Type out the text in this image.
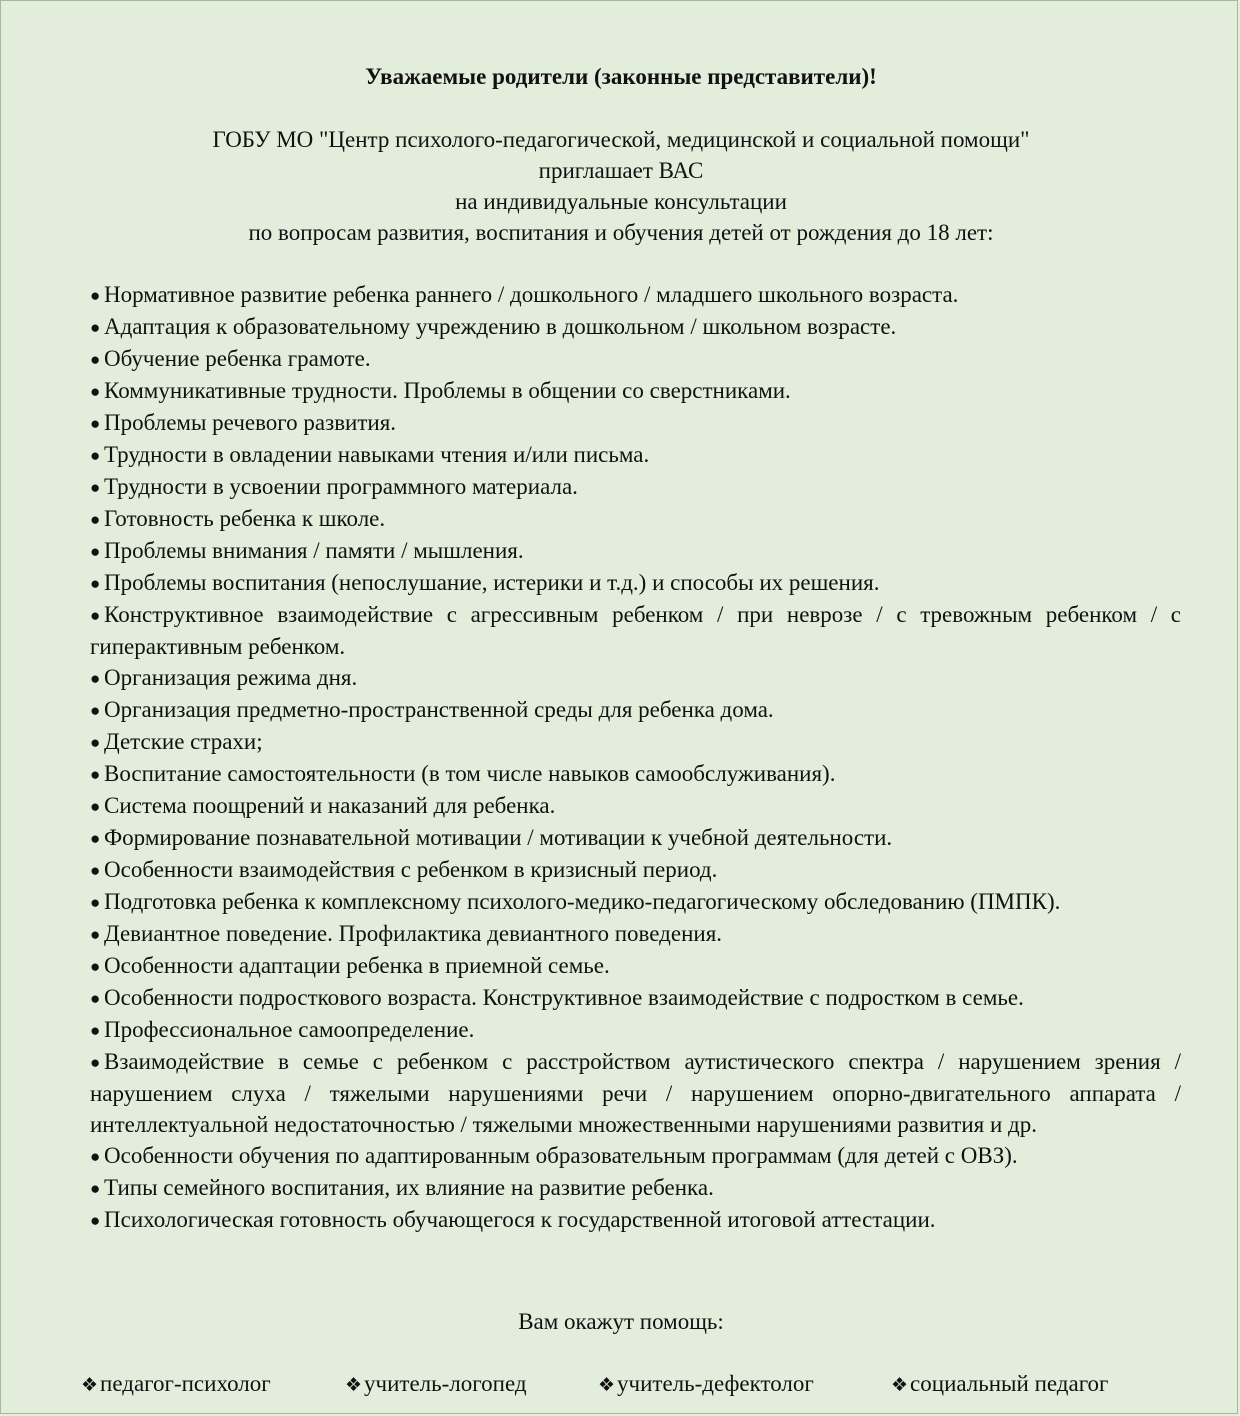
Уважаемые родители (законные представители)!
ГОБУ МО "Центр психолого-педагогической, медицинской и социальной помощи"
приглашает ВАС
на индивидуальные консультации
по вопросам развития, воспитания и обучения детей от рождения до 18 лет:
● Нормативное развитие ребенка раннего / дошкольного / младшего школьного возраста.
● Адаптация к образовательному учреждению в дошкольном / школьном возрасте.
● Обучение ребенка грамоте.
● Коммуникативные трудности. Проблемы в общении со сверстниками.
● Проблемы речевого развития.
● Трудности в овладении навыками чтения и/или письма.
● Трудности в усвоении программного материала.
● Готовность ребенка к школе.
● Проблемы внимания / памяти / мышления.
● Проблемы воспитания (непослушание, истерики и т.д.) и способы их решения.
● Конструктивное взаимодействие с агрессивным ребенком / при неврозе / с тревожным ребенком / с гиперактивным ребенком.
● Организация режима дня.
● Организация предметно-пространственной среды для ребенка дома.
● Детские страхи;
● Воспитание самостоятельности (в том числе навыков самообслуживания).
● Система поощрений и наказаний для ребенка.
● Формирование познавательной мотивации / мотивации к учебной деятельности.
● Особенности взаимодействия с ребенком в кризисный период.
● Подготовка ребенка к комплексному психолого-медико-педагогическому обследованию (ПМПК).
● Девиантное поведение. Профилактика девиантного поведения.
● Особенности адаптации ребенка в приемной семье.
● Особенности подросткового возраста. Конструктивное взаимодействие с подростком в семье.
● Профессиональное самоопределение.
● Взаимодействие в семье с ребенком с расстройством аутистического спектра / нарушением зрения / нарушением слуха / тяжелыми нарушениями речи / нарушением опорно-двигательного аппарата / интеллектуальной недостаточностью / тяжелыми множественными нарушениями развития и др.
● Особенности обучения по адаптированным образовательным программам (для детей с ОВЗ).
● Типы семейного воспитания, их влияние на развитие ребенка.
● Психологическая готовность обучающегося к государственной итоговой аттестации.
Вам окажут помощь:
❖педагог-психолог	❖учитель-логопед	❖учитель-дефектолог	❖социальный педагог
